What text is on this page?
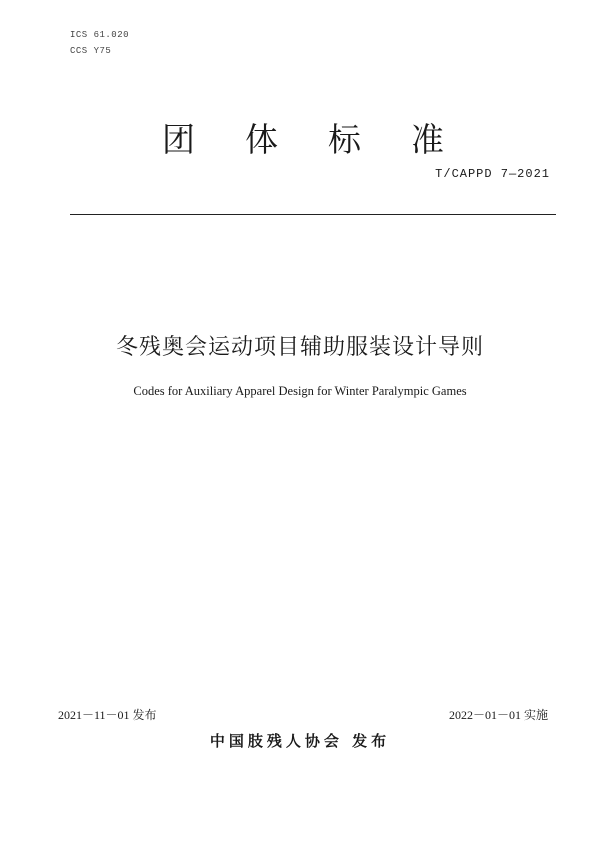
ICS 61.020
CCS Y75
团体标准
T/CAPPD 7—2021
冬残奥会运动项目辅助服装设计导则
Codes for Auxiliary Apparel Design for Winter Paralympic Games
2021－11－01 发布	2022－01－01 实施
中国肢残人协会 发布
